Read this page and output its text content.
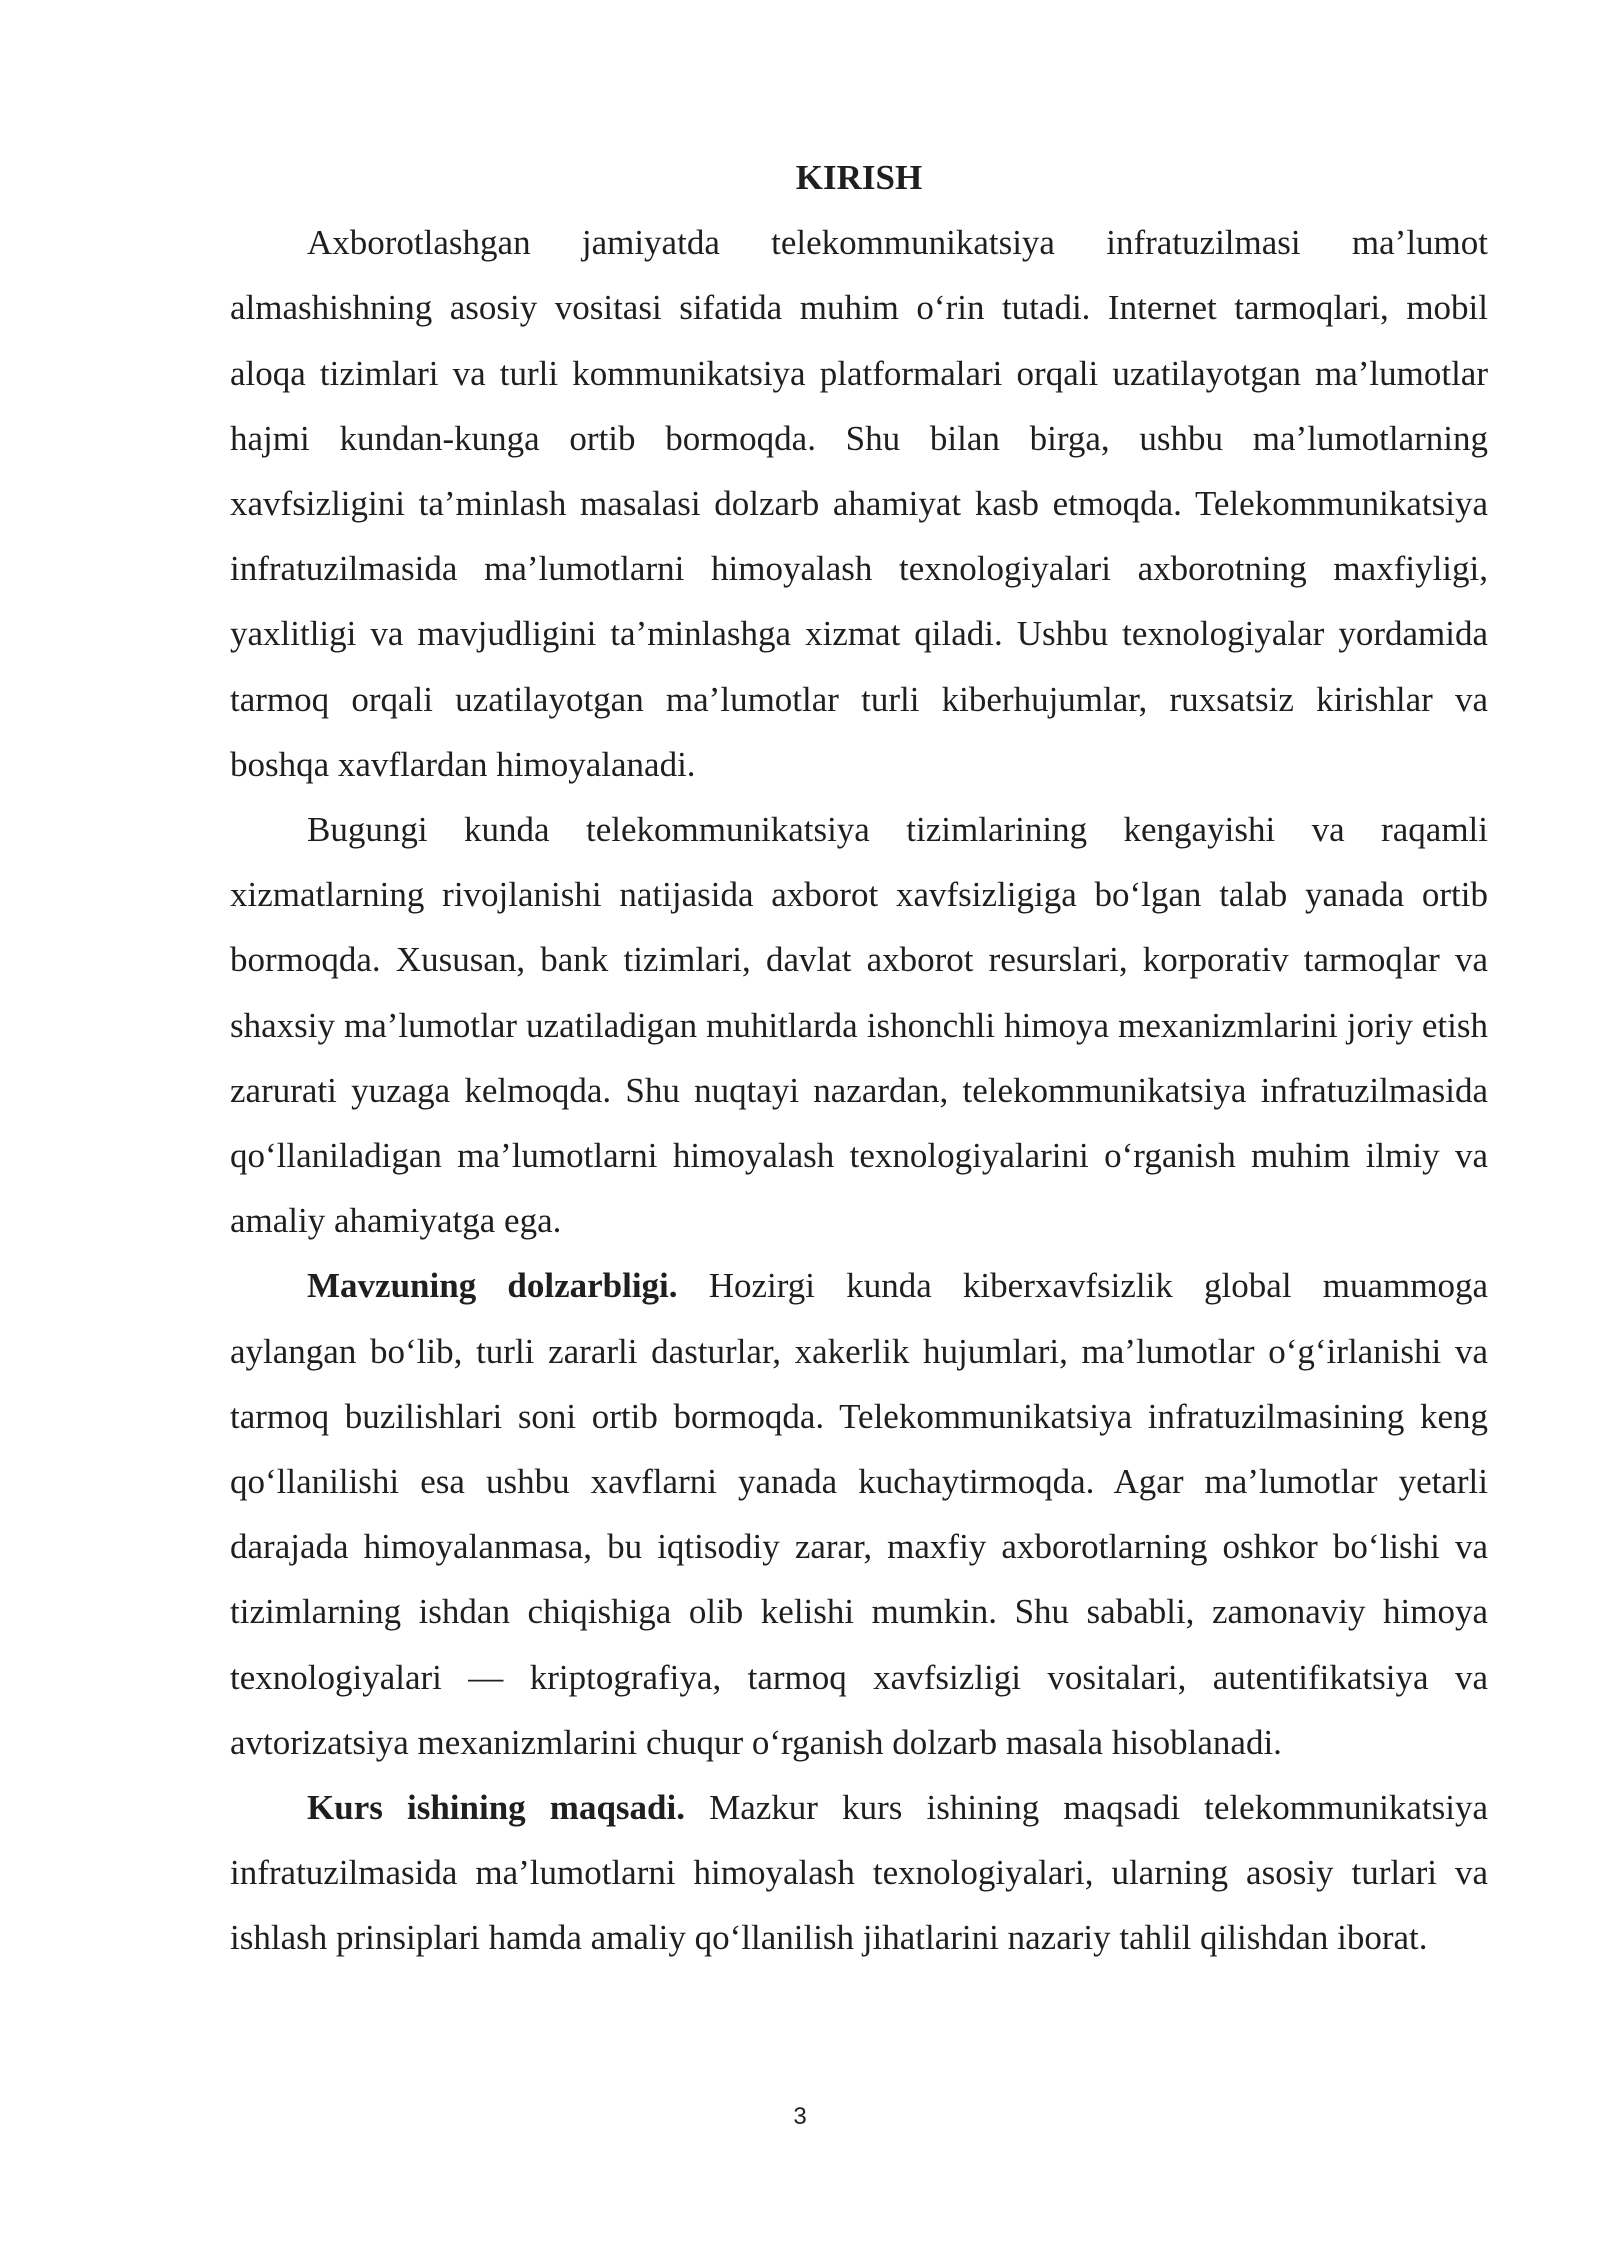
KIRISH

Axborotlashgan jamiyatda telekommunikatsiya infratuzilmasi ma’lumot almashishning asosiy vositasi sifatida muhim o‘rin tutadi. Internet tarmoqlari, mobil aloqa tizimlari va turli kommunikatsiya platformalari orqali uzatilayotgan ma’lumotlar hajmi kundan-kunga ortib bormoqda. Shu bilan birga, ushbu ma’lumotlarning xavfsizligini ta’minlash masalasi dolzarb ahamiyat kasb etmoqda. Telekommunikatsiya infratuzilmasida ma’lumotlarni himoyalash texnologiyalari axborotning maxfiyligi, yaxlitligi va mavjudligini ta’minlashga xizmat qiladi. Ushbu texnologiyalar yordamida tarmoq orqali uzatilayotgan ma’lumotlar turli kiberhujumlar, ruxsatsiz kirishlar va boshqa xavflardan himoyalanadi.

Bugungi kunda telekommunikatsiya tizimlarining kengayishi va raqamli xizmatlarning rivojlanishi natijasida axborot xavfsizligiga bo‘lgan talab yanada ortib bormoqda. Xususan, bank tizimlari, davlat axborot resurslari, korporativ tarmoqlar va shaxsiy ma’lumotlar uzatiladigan muhitlarda ishonchli himoya mexanizmlarini joriy etish zarurati yuzaga kelmoqda. Shu nuqtayi nazardan, telekommunikatsiya infratuzilmasida qo‘llaniladigan ma’lumotlarni himoyalash texnologiyalarini o‘rganish muhim ilmiy va amaliy ahamiyatga ega.

Mavzuning dolzarbligi. Hozirgi kunda kiberxavfsizlik global muammoga aylangan bo‘lib, turli zararli dasturlar, xakerlik hujumlari, ma’lumotlar o‘g‘irlanishi va tarmoq buzilishlari soni ortib bormoqda. Telekommunikatsiya infratuzilmasining keng qo‘llanilishi esa ushbu xavflarni yanada kuchaytirmoqda. Agar ma’lumotlar yetarli darajada himoyalanmasa, bu iqtisodiy zarar, maxfiy axborotlarning oshkor bo‘lishi va tizimlarning ishdan chiqishiga olib kelishi mumkin. Shu sababli, zamonaviy himoya texnologiyalari — kriptografiya, tarmoq xavfsizligi vositalari, autentifikatsiya va avtorizatsiya mexanizmlarini chuqur o‘rganish dolzarb masala hisoblanadi.

Kurs ishining maqsadi. Mazkur kurs ishining maqsadi telekommunikatsiya infratuzilmasida ma’lumotlarni himoyalash texnologiyalari, ularning asosiy turlari va ishlash prinsiplari hamda amaliy qo‘llanilish jihatlarini nazariy tahlil qilishdan iborat.

3
